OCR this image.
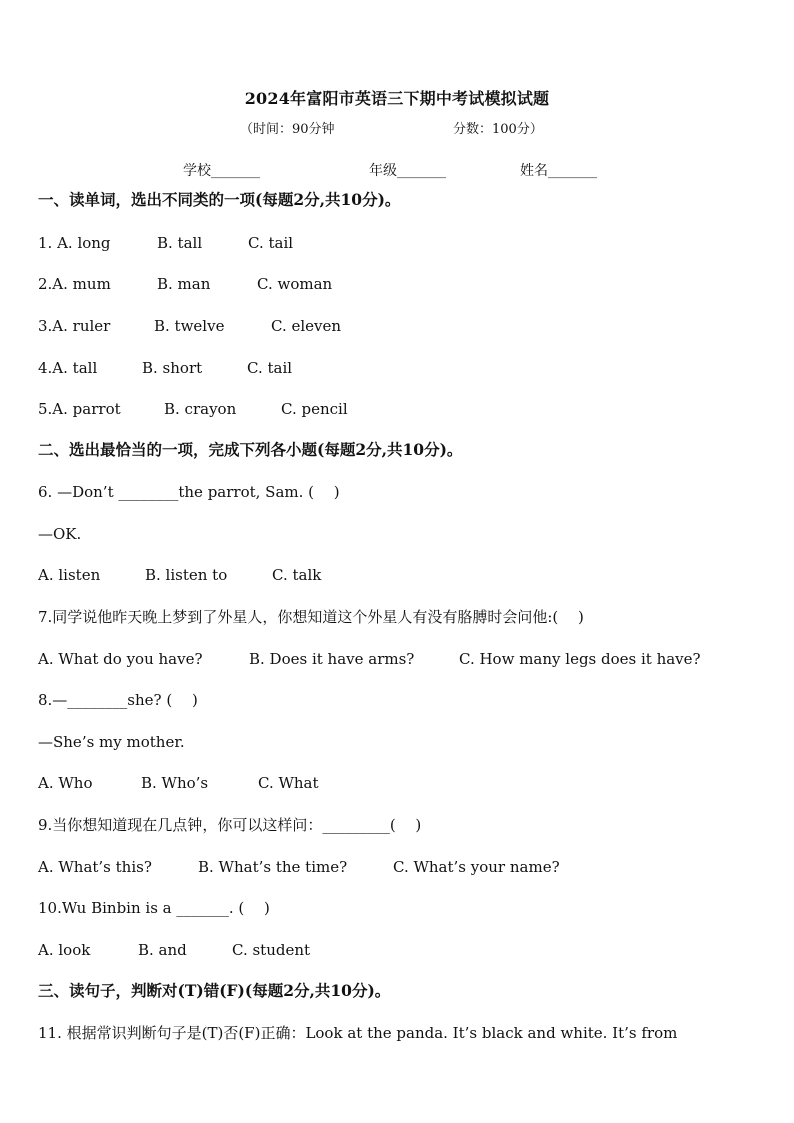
2024年富阳市英语三下期中考试模拟试题
（时间：90分钟	分数：100分）
学校_______	年级_______	姓名_______
一、读单词，选出不同类的一项(每题2分,共10分)。
1. A. long	B. tall	C. tail
2.A. mum	B. man	C. woman
3.A. ruler	B. twelve	C. eleven
4.A. tall	B. short	C. tail
5.A. parrot	B. crayon	C. pencil
二、选出最恰当的一项，完成下列各小题(每题2分,共10分)。
6. —Don’t ________the parrot, Sam. (　 )
—OK.
A. listen	B. listen to	C. talk
7.同学说他昨天晚上梦到了外星人，你想知道这个外星人有没有胳膊时会问他:(　 )
A. What do you have?	B. Does it have arms?	C. How many legs does it have?
8.—________she? (　 )
—She’s my mother.
A. Who	B. Who’s	C. What
9.当你想知道现在几点钟，你可以这样问：_________(　 )
A. What’s this?	B. What’s the time?	C. What’s your name?
10.Wu Binbin is a _______. (　 )
A. look	B. and	C. student
三、读句子，判断对(T)错(F)(每题2分,共10分)。
11. 根据常识判断句子是(T)否(F)正确：Look at the panda. It’s black and white. It’s from
